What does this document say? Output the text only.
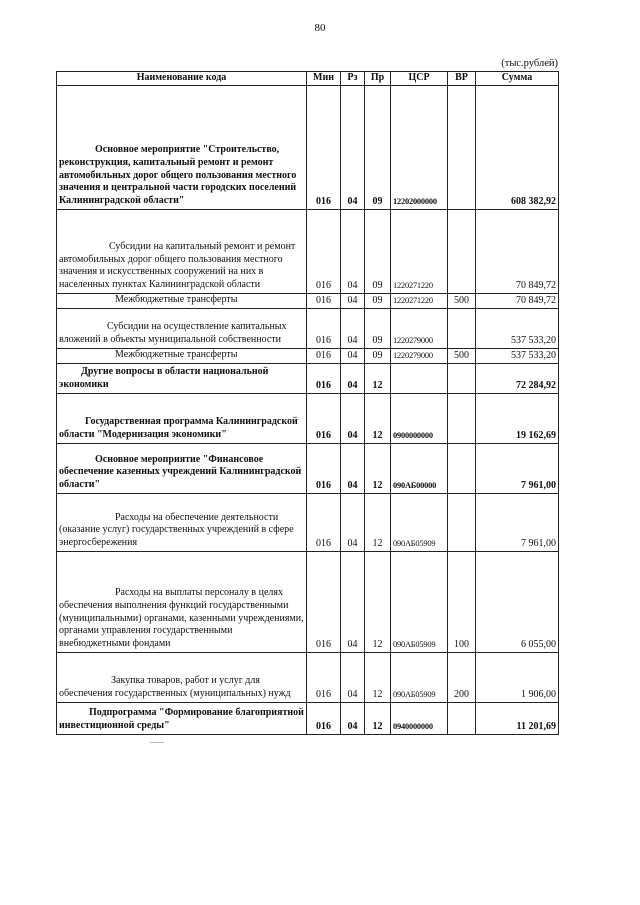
80
(тыс.рублей)
Наименование кода	Мин	Рз	Пр	ЦСР	ВР	Сумма

Основное мероприятие "Строительство, реконструкция, капитальный ремонт и ремонт автомобильных дорог общего пользования местного значения и центральной части городских поселений Калининградской области"	016	04	09	12202000000		608 382,92

Субсидии на капитальный ремонт и ремонт автомобильных дорог общего пользования местного значения и искусственных сооружений на них в населенных пунктах Калининградской области	016	04	09	1220271220		70 849,72

Межбюджетные трансферты	016	04	09	1220271220	500	70 849,72

Субсидии на осуществление капитальных вложений в объекты муниципальной собственности	016	04	09	1220279000		537 533,20

Межбюджетные трансферты	016	04	09	1220279000	500	537 533,20

Другие вопросы в области национальной экономики	016	04	12			72 284,92

Государственная программа Калининградской области "Модернизация экономики"	016	04	12	0900000000		19 162,69

Основное мероприятие "Финансовое обеспечение казенных учреждений Калининградской области"	016	04	12	090АБ00000		7 961,00

Расходы на обеспечение деятельности (оказание услуг) государственных учреждений в сфере энергосбережения	016	04	12	090АБ05909		7 961,00

Расходы на выплаты персоналу в целях обеспечения выполнения функций государственными (муниципальными) органами, казенными учреждениями, органами управления государственными внебюджетными фондами	016	04	12	090АБ05909	100	6 055,00

Закупка товаров, работ и услуг для обеспечения государственных (муниципальных) нужд	016	04	12	090АБ05909	200	1 906,00

Подпрограмма "Формирование благоприятной инвестиционной среды"	016	04	12	0940000000		11 201,69
